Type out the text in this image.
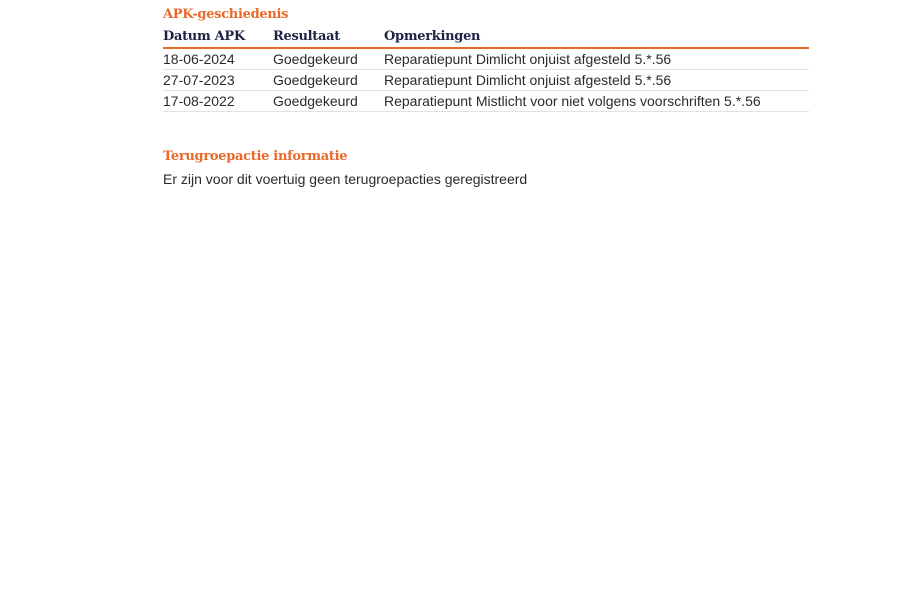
APK-geschiedenis
Datum APK	Resultaat	Opmerkingen
18-06-2024	Goedgekeurd	Reparatiepunt Dimlicht onjuist afgesteld 5.*.56
27-07-2023	Goedgekeurd	Reparatiepunt Dimlicht onjuist afgesteld 5.*.56
17-08-2022	Goedgekeurd	Reparatiepunt Mistlicht voor niet volgens voorschriften 5.*.56
Terugroepactie informatie

Er zijn voor dit voertuig geen terugroepacties geregistreerd
